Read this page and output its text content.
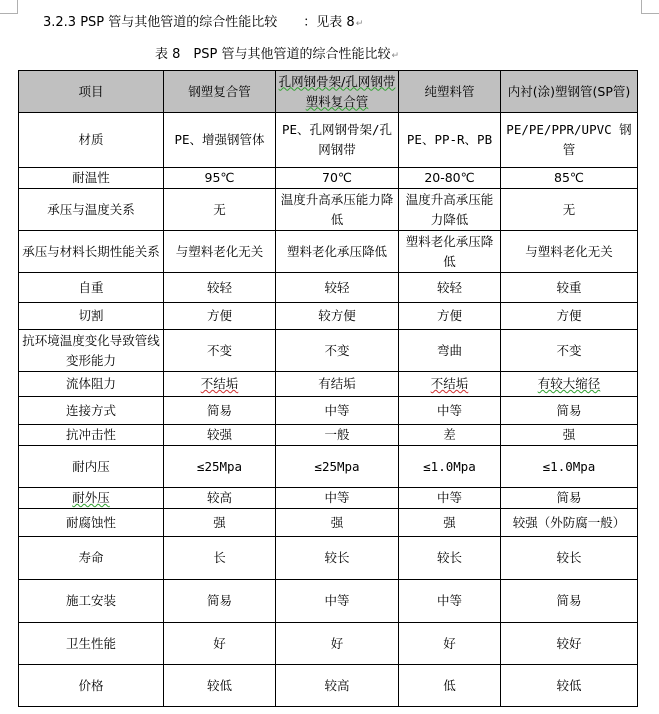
3.2.3 PSP 管与其他管道的综合性能比较　　：见表 8↵
表 8　PSP 管与其他管道的综合性能比较↵
项目	钢塑复合管	孔网钢骨架/孔网钢带塑料复合管	纯塑料管	内衬(涂)塑钢管(SP管)
材质	PE、增强钢管体	PE、孔网钢骨架/孔网钢带	PE、PP-R、PB	PE/PE/PPR/UPVC 钢管
耐温性	95℃	70℃	20-80℃	85℃
承压与温度关系	无	温度升高承压能力降低	温度升高承压能力降低	无
承压与材料长期性能关系	与塑料老化无关	塑料老化承压降低	塑料老化承压降低	与塑料老化无关
自重	较轻	较轻	较轻	较重
切割	方便	较方便	方便	方便
抗环境温度变化导致管线变形能力	不变	不变	弯曲	不变
流体阻力	不结垢	有结垢	不结垢	有较大缩径
连接方式	简易	中等	中等	简易
抗冲击性	较强	一般	差	强
耐内压	≤25Mpa	≤25Mpa	≤1.0Mpa	≤1.0Mpa
耐外压	较高	中等	中等	简易
耐腐蚀性	强	强	强	较强（外防腐一般）
寿命	长	较长	较长	较长
施工安装	简易	中等	中等	简易
卫生性能	好	好	好	较好
价格	较低	较高	低	较低
